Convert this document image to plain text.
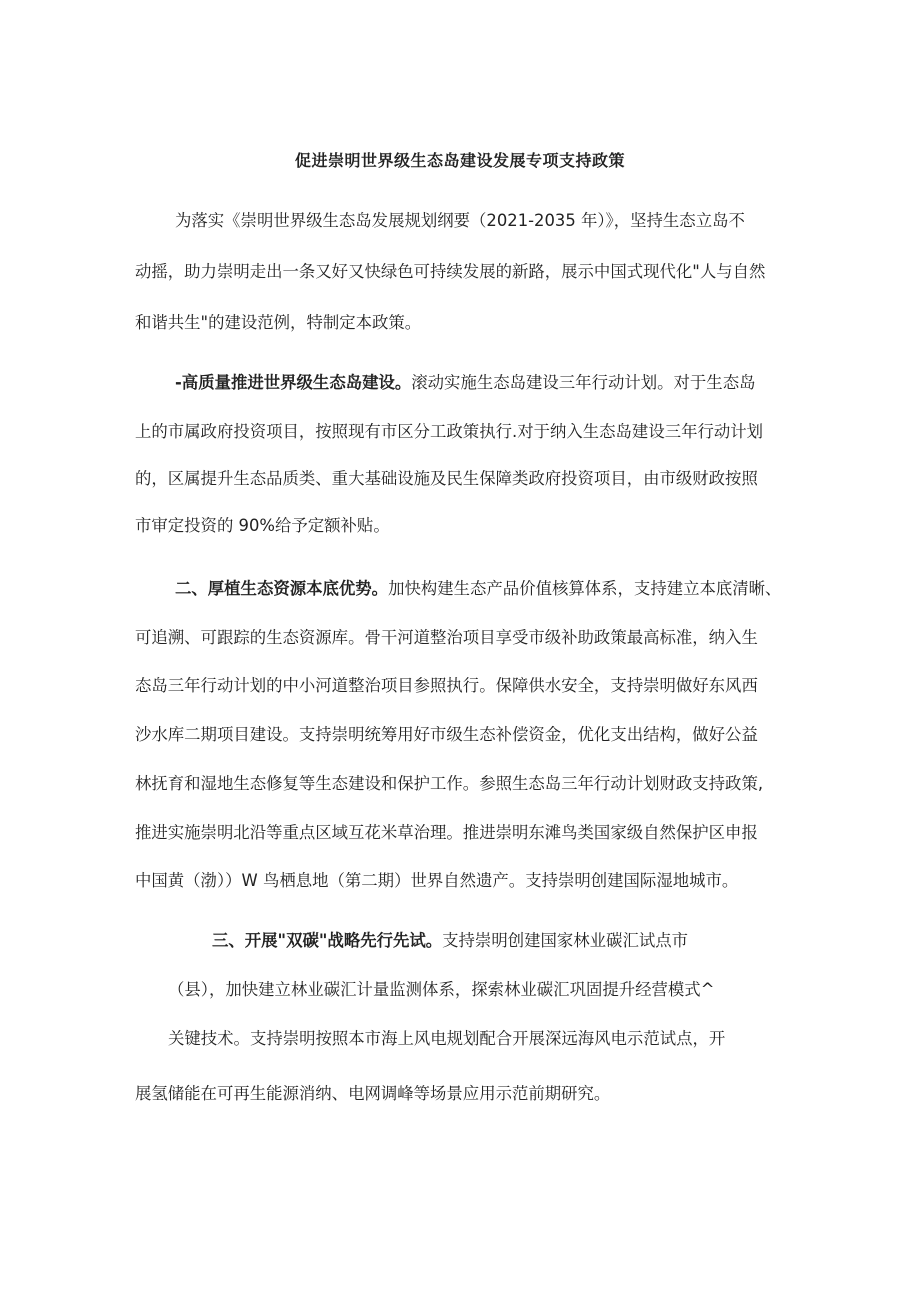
促进崇明世界级生态岛建设发展专项支持政策
为落实《崇明世界级生态岛发展规划纲要（2021-2035 年）》，坚持生态立岛不
动摇，助力崇明走出一条又好又快绿色可持续发展的新路，展示中国式现代化"人与自然
和谐共生"的建设范例，特制定本政策。
-高质量推进世界级生态岛建设。滚动实施生态岛建设三年行动计划。对于生态岛
上的市属政府投资项目，按照现有市区分工政策执行.对于纳入生态岛建设三年行动计划
的，区属提升生态品质类、重大基础设施及民生保障类政府投资项目，由市级财政按照
市审定投资的 90%给予定额补贴。
二、厚植生态资源本底优势。加快构建生态产品价值核算体系，支持建立本底清晰、
可追溯、可跟踪的生态资源库。骨干河道整治项目享受市级补助政策最高标准，纳入生
态岛三年行动计划的中小河道整治项目参照执行。保障供水安全，支持崇明做好东风西
沙水库二期项目建设。支持崇明统筹用好市级生态补偿资金，优化支出结构，做好公益
林抚育和湿地生态修复等生态建设和保护工作。参照生态岛三年行动计划财政支持政策,
推进实施崇明北沿等重点区域互花米草治理。推进崇明东滩鸟类国家级自然保护区申报
中国黄（渤））W 鸟栖息地（第二期）世界自然遗产。支持崇明创建国际湿地城市。
三、开展"双碳"战略先行先试。支持崇明创建国家林业碳汇试点市
（县），加快建立林业碳汇计量监测体系，探索林业碳汇巩固提升经营模式^
关键技术。支持崇明按照本市海上风电规划配合开展深远海风电示范试点，开
展氢储能在可再生能源消纳、电网调峰等场景应用示范前期研究。
